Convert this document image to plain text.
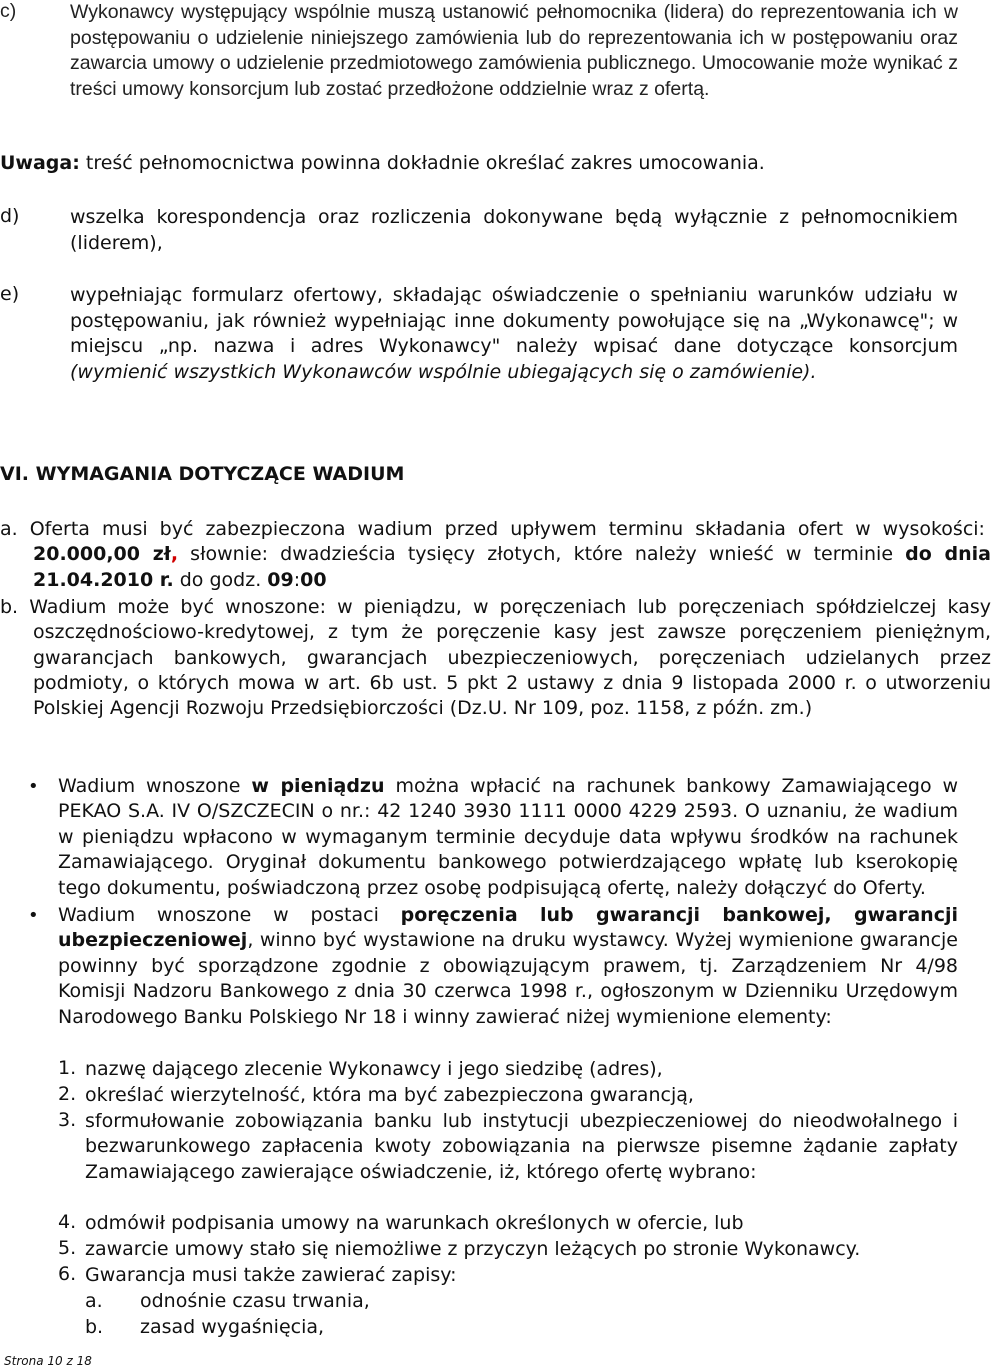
c)	Wykonawcy występujący wspólnie muszą ustanowić pełnomocnika (lidera) do reprezentowania ich w postępowaniu o udzielenie niniejszego zamówienia lub do reprezentowania ich w postępowaniu oraz zawarcia umowy o udzielenie przedmiotowego zamówienia publicznego. Umocowanie może wynikać z treści umowy konsorcjum lub zostać przedłożone oddzielnie wraz z ofertą.
Uwaga: treść pełnomocnictwa powinna dokładnie określać zakres umocowania.
d)	wszelka korespondencja oraz rozliczenia dokonywane będą wyłącznie z pełnomocnikiem (liderem),
e)	wypełniając formularz ofertowy, składając oświadczenie o spełnianiu warunków udziału w postępowaniu, jak również wypełniając inne dokumenty powołujące się na „Wykonawcę"; w miejscu „np. nazwa i adres Wykonawcy" należy wpisać dane dotyczące konsorcjum (wymienić wszystkich Wykonawców wspólnie ubiegających się o zamówienie).
VI. WYMAGANIA DOTYCZĄCE WADIUM
a. Oferta musi być zabezpieczona wadium przed upływem terminu składania ofert w wysokości:  20.000,00 zł, słownie: dwadzieścia tysięcy złotych, które należy wnieść w terminie do dnia 21.04.2010 r. do godz. 09:00
b. Wadium może być wnoszone: w pieniądzu, w poręczeniach lub poręczeniach spółdzielczej kasy oszczędnościowo-kredytowej, z tym że poręczenie kasy jest zawsze poręczeniem pieniężnym, gwarancjach bankowych, gwarancjach ubezpieczeniowych, poręczeniach udzielanych przez podmioty, o których mowa w art. 6b ust. 5 pkt 2 ustawy z dnia 9 listopada 2000 r. o utworzeniu Polskiej Agencji Rozwoju Przedsiębiorczości (Dz.U. Nr 109, poz. 1158, z późn. zm.)
• Wadium wnoszone w pieniądzu można wpłacić na rachunek bankowy Zamawiającego w PEKAO S.A. IV O/SZCZECIN o nr.: 42 1240 3930 1111 0000 4229 2593. O uznaniu, że wadium w pieniądzu wpłacono w wymaganym terminie decyduje data wpływu środków na rachunek Zamawiającego. Oryginał dokumentu bankowego potwierdzającego wpłatę lub kserokopię tego dokumentu, poświadczoną przez osobę podpisującą ofertę, należy dołączyć do Oferty.
• Wadium wnoszone w postaci poręczenia lub gwarancji bankowej, gwarancji ubezpieczeniowej, winno być wystawione na druku wystawcy. Wyżej wymienione gwarancje powinny być sporządzone zgodnie z obowiązującym prawem, tj. Zarządzeniem Nr 4/98 Komisji Nadzoru Bankowego z dnia 30 czerwca 1998 r., ogłoszonym w Dzienniku Urzędowym Narodowego Banku Polskiego Nr 18 i winny zawierać niżej wymienione elementy:
1. nazwę dającego zlecenie Wykonawcy i jego siedzibę (adres),
2. określać wierzytelność, która ma być zabezpieczona gwarancją,
3. sformułowanie zobowiązania banku lub instytucji ubezpieczeniowej do nieodwołalnego i bezwarunkowego zapłacenia kwoty zobowiązania na pierwsze pisemne żądanie zapłaty Zamawiającego zawierające oświadczenie, iż, którego ofertę wybrano:
4. odmówił podpisania umowy na warunkach określonych w ofercie, lub
5. zawarcie umowy stało się niemożliwe z przyczyn leżących po stronie Wykonawcy.
6. Gwarancja musi także zawierać zapisy:
a. odnośnie czasu trwania,
b. zasad wygaśnięcia,
Strona 10 z 18
